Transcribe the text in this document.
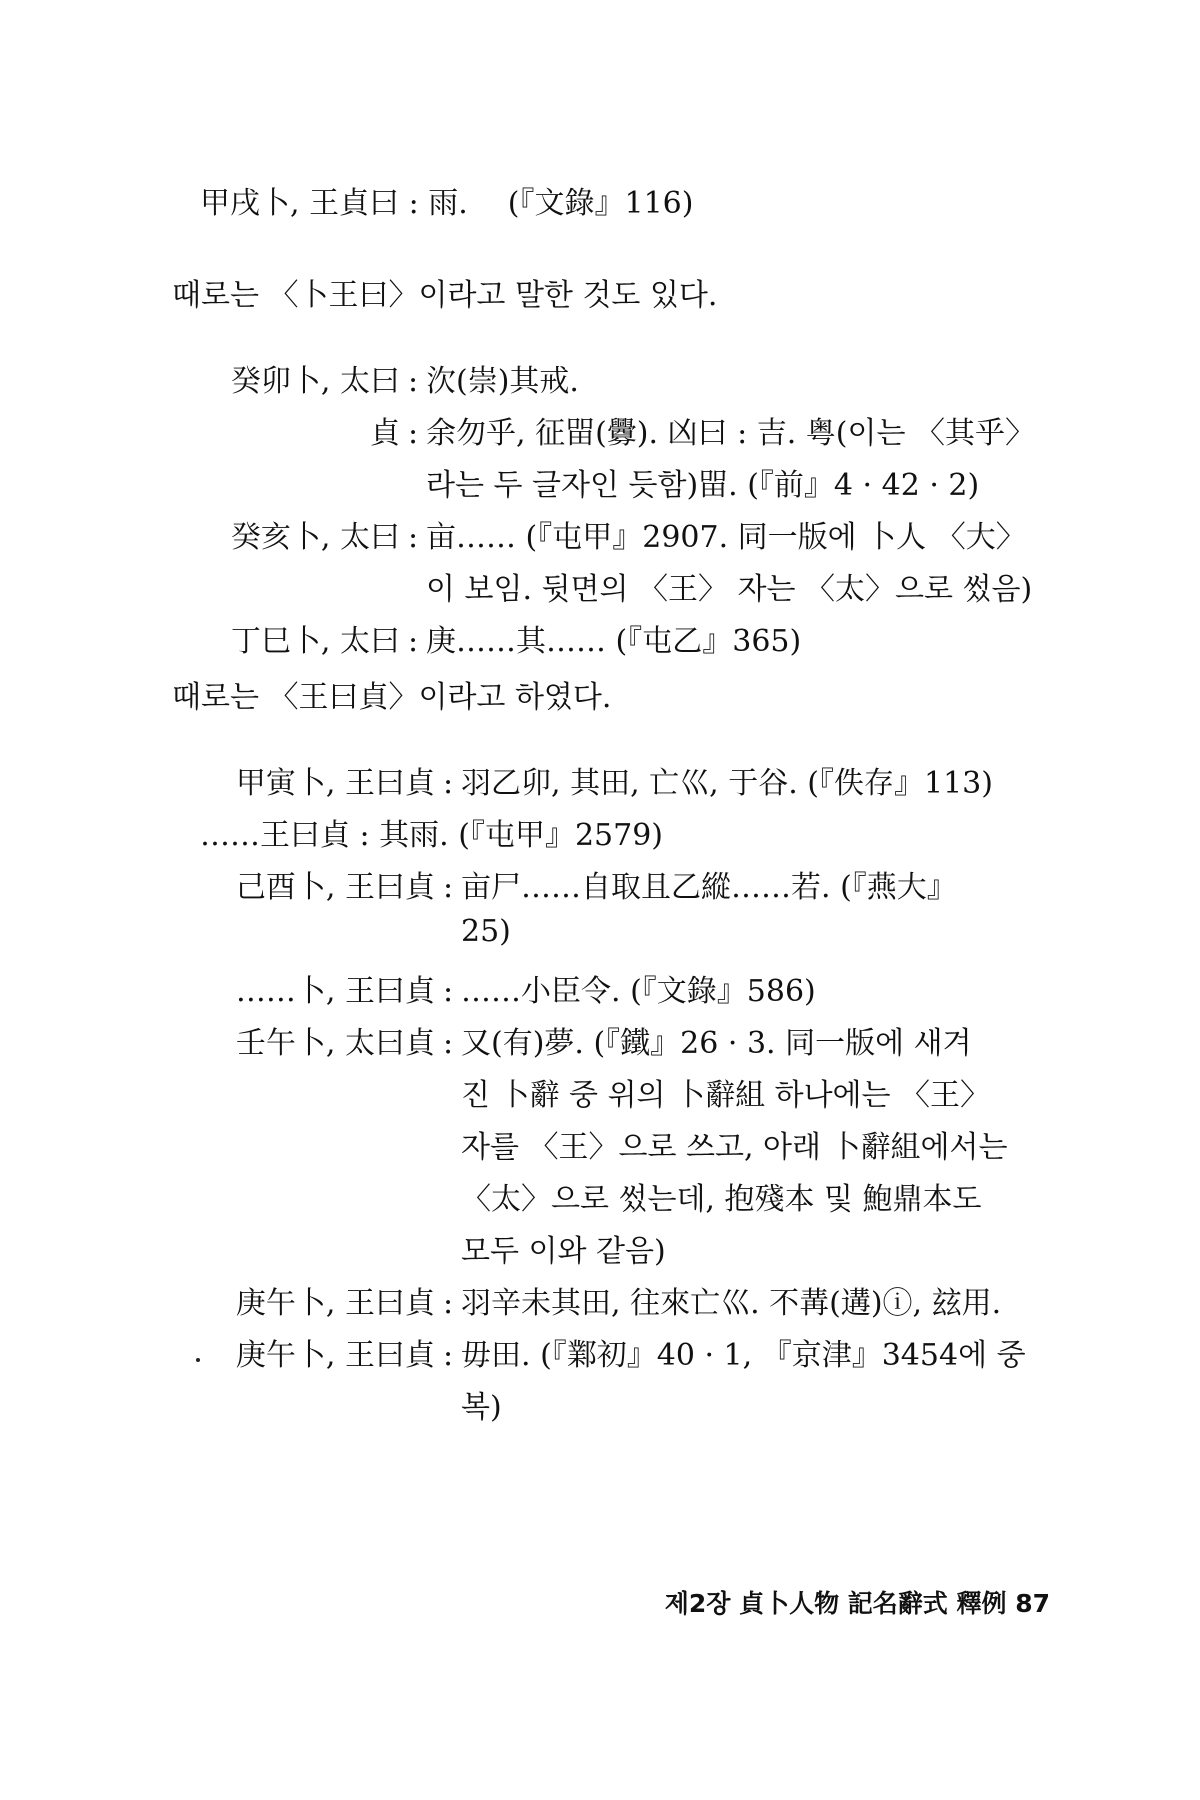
甲戌卜, 王貞曰 : 雨. (『文錄』116)
때로는 〈卜王曰〉이라고 말한 것도 있다.
癸卯卜, 太曰 : 㳄(崇)其戒.
貞 : 余勿乎, 征㽞(釁). 凶曰 : 吉. 粤(이는 〈其乎〉
라는 두 글자인 듯함)㽞. (『前』4 · 42 · 2)
癸亥卜, 太曰 : 亩…… (『屯甲』2907. 同一版에 卜人 〈大〉
이 보임. 뒷면의 〈王〉 자는 〈太〉으로 썼음)
丁巳卜, 太曰 : 庚……其…… (『屯乙』365)
때로는 〈王曰貞〉이라고 하였다.
甲寅卜, 王曰貞 : 羽乙卯, 其田, 亡巛, 于谷. (『佚存』113)
……王曰貞 : 其雨. (『屯甲』2579)
己酉卜, 王曰貞 : 亩尸……自取且乙縱……若. (『燕大』
25)
……卜, 王曰貞 : ……小臣令. (『文錄』586)
壬午卜, 太曰貞 : 又(有)夢. (『鐵』26 · 3. 同一版에 새겨
진 卜辭 중 위의 卜辭組 하나에는 〈王〉
자를 〈王〉으로 쓰고, 아래 卜辭組에서는
〈太〉으로 썼는데, 抱殘本 및 鮑鼎本도
모두 이와 같음)
庚午卜, 王曰貞 : 羽辛未其田, 往來亡巛. 不冓(遘)ⓘ, 玆用.
庚午卜, 王曰貞 : 毋田. (『鄴初』40 · 1, 『京津』3454에 중
복)
제2장 貞卜人物 記名辭式 釋例 87
